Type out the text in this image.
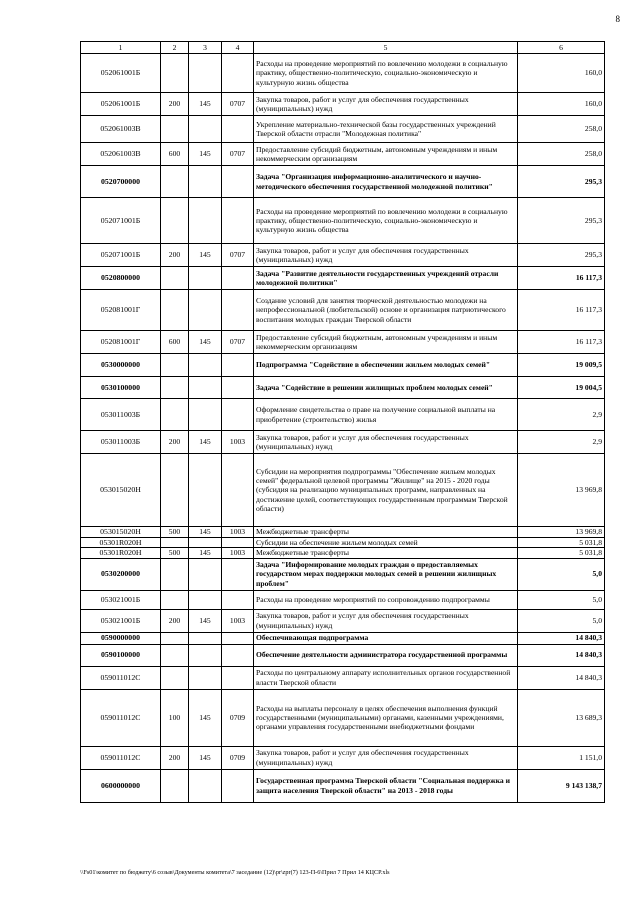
8
1	2	3	4	5	6
052061001Б				Расходы на проведение мероприятий по вовлечению молодежи в социальную практику, общественно-политическую, социально-экономическую и культурную жизнь общества	160,0
052061001Б	200	145	0707	Закупка товаров, работ и услуг для обеспечения государственных (муниципальных) нужд	160,0
052061003В				Укрепление материально-технической базы государственных учреждений Тверской области отрасли "Молодежная политика"	258,0
052061003В	600	145	0707	Предоставление субсидий бюджетным, автономным учреждениям и иным некоммерческим организациям	258,0
0520700000				Задача "Организация информационно-аналитического и научно-методического обеспечения государственной молодежной политики"	295,3
052071001Б				Расходы на проведение мероприятий по вовлечению молодежи в социальную практику, общественно-политическую, социально-экономическую и культурную жизнь общества	295,3
052071001Б	200	145	0707	Закупка товаров, работ и услуг для обеспечения государственных (муниципальных) нужд	295,3
0520800000				Задача "Развитие деятельности государственных учреждений отрасли молодежной политики"	16 117,3
052081001Г				Создание условий для занятия творческой деятельностью молодежи на непрофессиональной (любительской) основе и организация патриотического воспитания молодых граждан Тверской области	16 117,3
052081001Г	600	145	0707	Предоставление субсидий бюджетным, автономным учреждениям и иным некоммерческим организациям	16 117,3
0530000000				Подпрограмма "Содействие в обеспечении жильем молодых семей"	19 009,5
0530100000				Задача "Содействие в решении жилищных проблем молодых семей"	19 004,5
053011003Б				Оформление свидетельства о праве на получение социальной выплаты на приобретение (строительство) жилья	2,9
053011003Б	200	145	1003	Закупка товаров, работ и услуг для обеспечения государственных (муниципальных) нужд	2,9
053015020Н				Субсидии на мероприятия подпрограммы "Обеспечение жильем молодых семей" федеральной целевой программы "Жилище" на 2015 - 2020 годы (субсидия на реализацию муниципальных программ, направленных на достижение целей, соответствующих государственным программам Тверской области)	13 969,8
053015020Н	500	145	1003	Межбюджетные трансферты	13 969,8
05301R020Н				Субсидии на обеспечение жильем молодых семей	5 031,8
05301R020Н	500	145	1003	Межбюджетные трансферты	5 031,8
0530200000				Задача "Информирование молодых граждан о предоставляемых государством мерах поддержки молодых семей в решении жилищных проблем"	5,0
053021001Б				Расходы на проведение мероприятий по сопровождению подпрограммы	5,0
053021001Б	200	145	1003	Закупка товаров, работ и услуг для обеспечения государственных (муниципальных) нужд	5,0
0590000000				Обеспечивающая подпрограмма	14 840,3
0590100000				Обеспечение деятельности администратора государственной программы	14 840,3
059011012С				Расходы по центральному аппарату исполнительных органов государственной власти Тверской области	14 840,3
059011012С	100	145	0709	Расходы на выплаты персоналу в целях обеспечения выполнения функций государственными (муниципальными) органами, казенными учреждениями, органами управления государственными внебюджетными фондами	13 689,3
059011012С	200	145	0709	Закупка товаров, работ и услуг для обеспечения государственных (муниципальных) нужд	1 151,0
0600000000				Государственная программа Тверской области "Социальная поддержка и защита населения Тверской области" на 2013 - 2018 годы	9 143 138,7
\\Fs01\комитет по бюджету\6 созыв\Документы комитета\7 заседание (12)\pr\zpr(7) 123-П-6\Прил 7 Прил 14 КЦСР.xls
